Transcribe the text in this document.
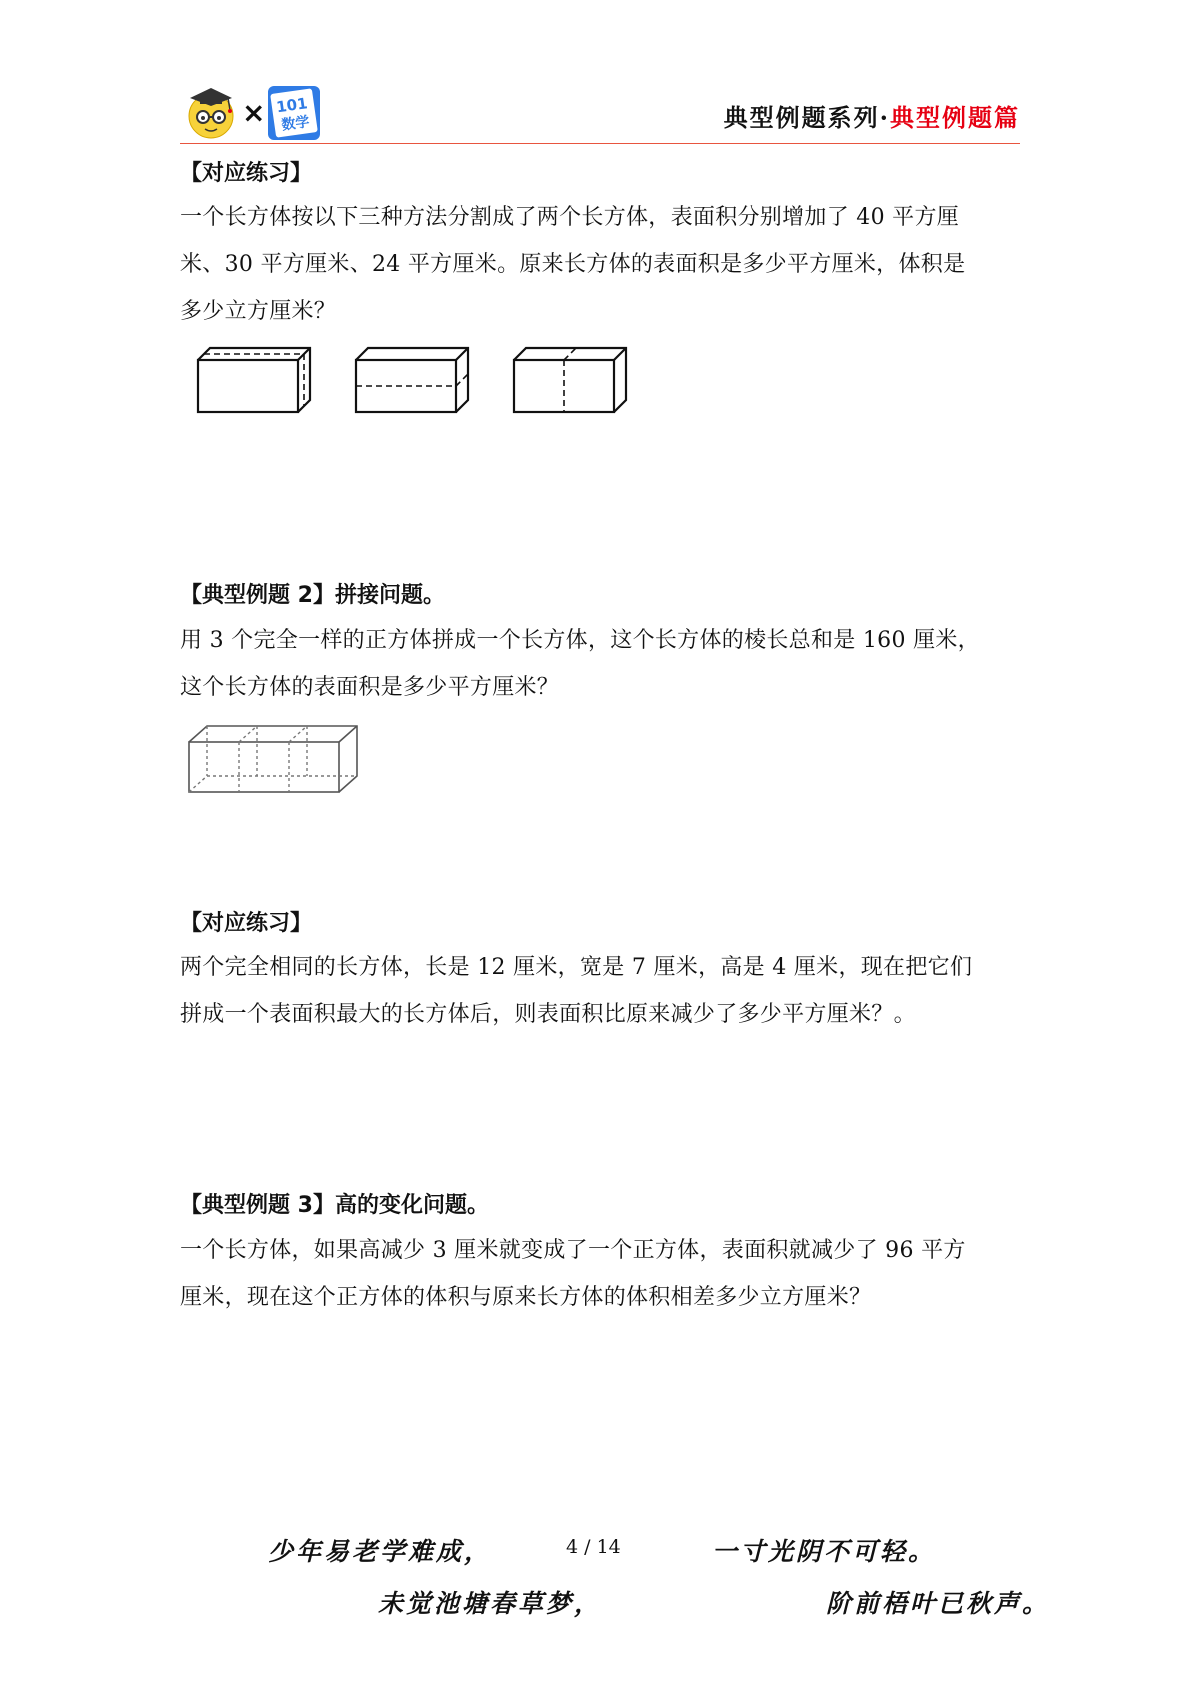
× 101
数学	典型例题系列·典型例题篇
【对应练习】
一个长方体按以下三种方法分割成了两个长方体，表面积分别增加了 40 平方厘
米、30 平方厘米、24 平方厘米。原来长方体的表面积是多少平方厘米，体积是
多少立方厘米？
【典型例题 2】拼接问题。
用 3 个完全一样的正方体拼成一个长方体，这个长方体的棱长总和是 160 厘米，
这个长方体的表面积是多少平方厘米？
【对应练习】
两个完全相同的长方体，长是 12 厘米，宽是 7 厘米，高是 4 厘米，现在把它们
拼成一个表面积最大的长方体后，则表面积比原来减少了多少平方厘米？。
【典型例题 3】高的变化问题。
一个长方体，如果高减少 3 厘米就变成了一个正方体，表面积就减少了 96 平方
厘米，现在这个正方体的体积与原来长方体的体积相差多少立方厘米？
少年易老学难成，	4 / 14	一寸光阴不可轻。
未觉池塘春草梦，	阶前梧叶已秋声。
